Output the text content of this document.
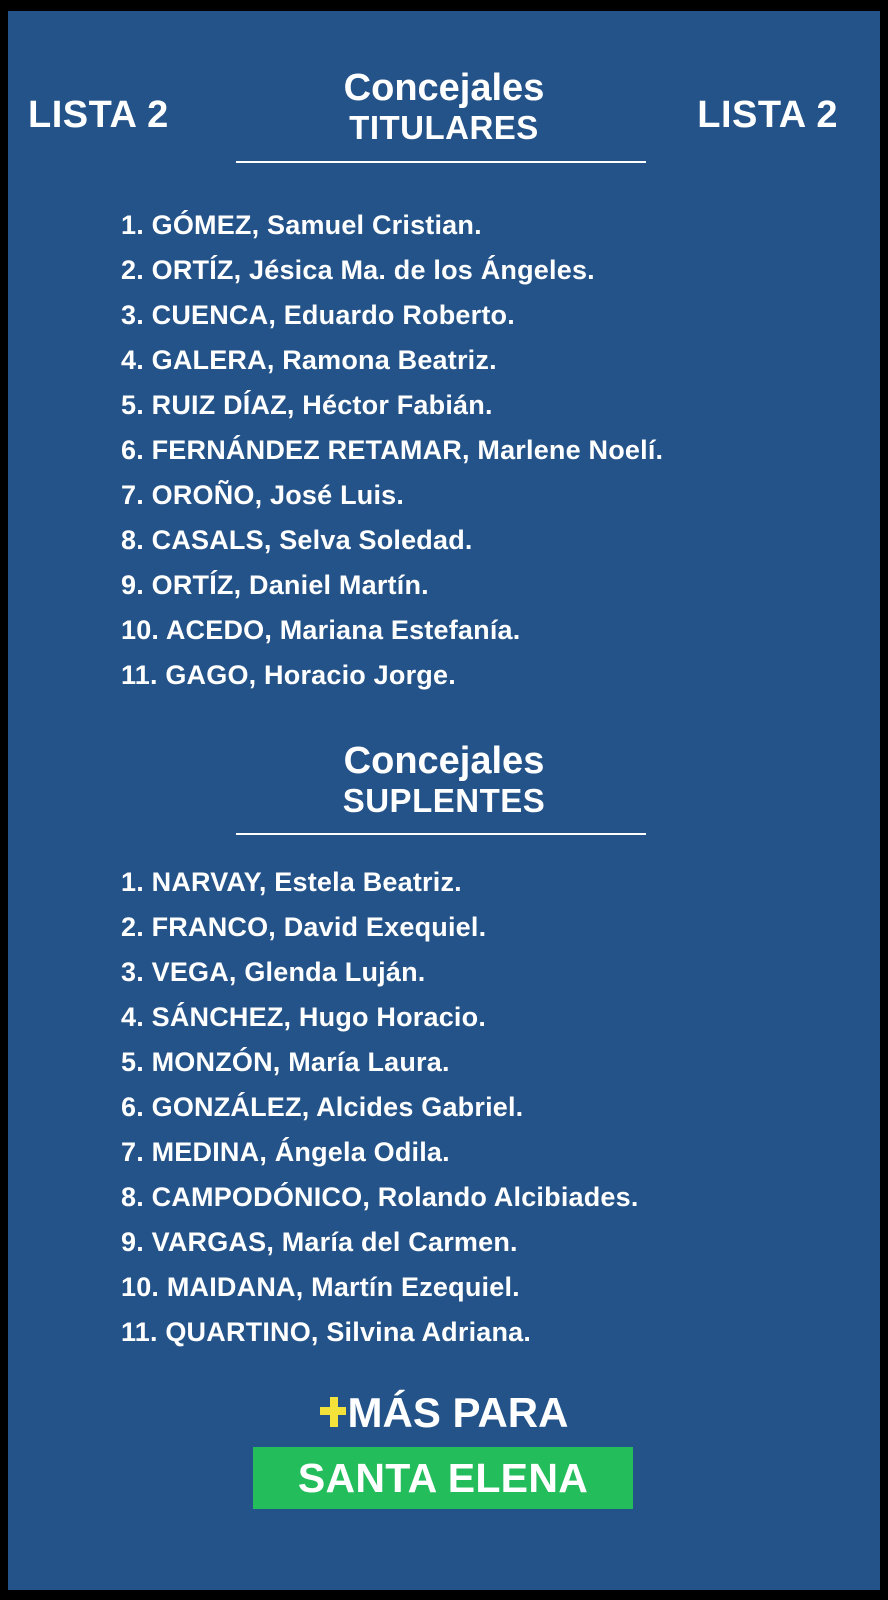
LISTA 2	LISTA 2
Concejales
TITULARES
1. GÓMEZ, Samuel Cristian.
2. ORTÍZ, Jésica Ma. de los Ángeles.
3. CUENCA, Eduardo Roberto.
4. GALERA, Ramona Beatriz.
5. RUIZ DÍAZ, Héctor Fabián.
6. FERNÁNDEZ RETAMAR, Marlene Noelí.
7. OROÑO, José Luis.
8. CASALS, Selva Soledad.
9. ORTÍZ, Daniel Martín.
10. ACEDO, Mariana Estefanía.
11. GAGO, Horacio Jorge.
Concejales
SUPLENTES
1. NARVAY, Estela Beatriz.
2. FRANCO, David Exequiel.
3. VEGA, Glenda Luján.
4. SÁNCHEZ, Hugo Horacio.
5. MONZÓN, María Laura.
6. GONZÁLEZ, Alcides Gabriel.
7. MEDINA, Ángela Odila.
8. CAMPODÓNICO, Rolando Alcibiades.
9. VARGAS, María del Carmen.
10. MAIDANA, Martín Ezequiel.
11. QUARTINO, Silvina Adriana.
MÁS PARA
SANTA ELENA
